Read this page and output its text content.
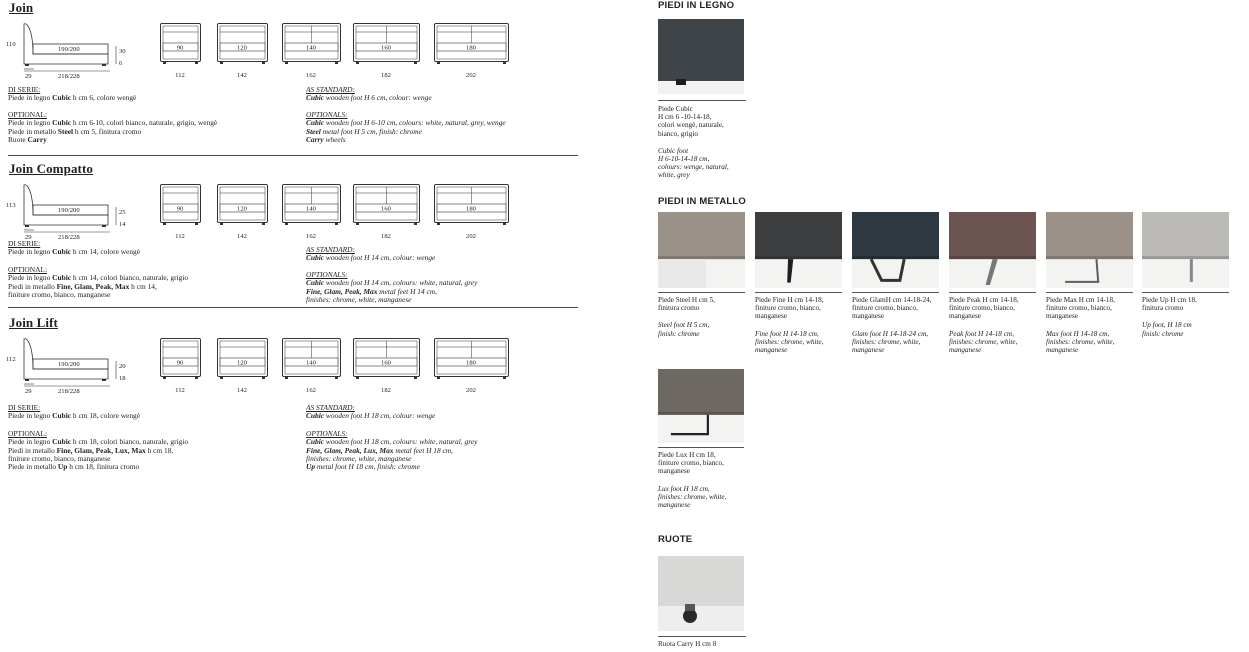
Join
110
190/200	30
6
29	218/228
90
112
120
142
140
162
160
182
180
202
DI SERIE:
Piede in legno Cubic h cm 6, colore wengè
OPTIONAL:
Piede in legno Cubic h cm 6-10, colori bianco, naturale, grigio, wengè
Piede in metallo Steel h cm 5, finitura cromo
Ruote Carry
AS STANDARD:
Cubic wooden foot H 6 cm, colour: wenge
OPTIONALS:
Cubic wooden foot H 6-10 cm, colours: white, natural, grey, wenge
Steel metal foot H 5 cm, finish: chrome
Carry wheels
Join Compatto
113
190/200	25
14
29	218/228
90
112
120
142
140
162
160
182
180
202
DI SERIE:
Piede in legno Cubic h cm 14, colore wengè
OPTIONAL:
Piede in legno Cubic h cm 14, colori bianco, naturale, grigio
Piedi in metallo Fine, Glam, Peak, Max h cm 14,
finiture cromo, bianco, manganese
AS STANDARD:
Cubic wooden foot H 14 cm, colour: wenge
OPTIONALS:
Cubic wooden foot H 14 cm, colours: white, natural, grey
Fine, Glam, Peak, Max metal feet H 14 cm,
finishes: chrome, white, manganese
Join Lift
112
190/200	20
18
29	218/228
90
112
120
142
140
162
160
182
180
202
DI SERIE:
Piede in legno Cubic h cm 18, colore wengè
OPTIONAL:
Piede in legno Cubic h cm 18, colori bianco, naturale, grigio
Piedi in metallo Fine, Glam, Peak, Lux, Max h cm 18,
finiture cromo, bianco, manganese
Piede in metallo Up h cm 18, finitura cromo
AS STANDARD:
Cubic wooden foot H 18 cm, colour: wenge
OPTIONALS:
Cubic wooden foot H 18 cm, colours: white, natural, grey
Fine, Glam, Peak, Lux, Max metal feet H 18 cm,
finishes: chrome, white, manganese
Up metal foot H 18 cm, finish: chrome
PIEDI IN LEGNO
PIEDI IN METALLO
RUOTE
Piede Cubic
H cm 6 -10-14-18,
colori wengè, naturale,
bianco, grigio
Cubic foot
H 6-10-14-18 cm,
colours: wenge, natural,
white, grey
Piede Steel H cm 5,
finitura cromo
Steel foot H 5 cm,
finish: chrome
Piede Fine H cm 14-18,
finiture cromo, bianco,
manganese
Fine foot H 14-18 cm,
finishes: chrome, white,
manganese
Piede GlamH cm 14-18-24,
finiture cromo, bianco,
manganese
Glam foot H 14-18-24 cm,
finishes: chrome, white,
manganese
Piede Peak H cm 14-18,
finiture cromo, bianco,
manganese
Peak foot H 14-18 cm,
finishes: chrome, white,
manganese
Piede Max H cm 14-18,
finiture cromo, bianco,
manganese
Max foot H 14-18 cm,
finishes: chrome, white,
manganese
Piede Up H cm 18,
finitura cromo
Up foot, H 18 cm
finish: chrome
Piede Lux H cm 18,
finiture cromo, bianco,
manganese
Lux foot H 18 cm,
finishes: chrome, white,
manganese
Ruota Carry H cm 8
